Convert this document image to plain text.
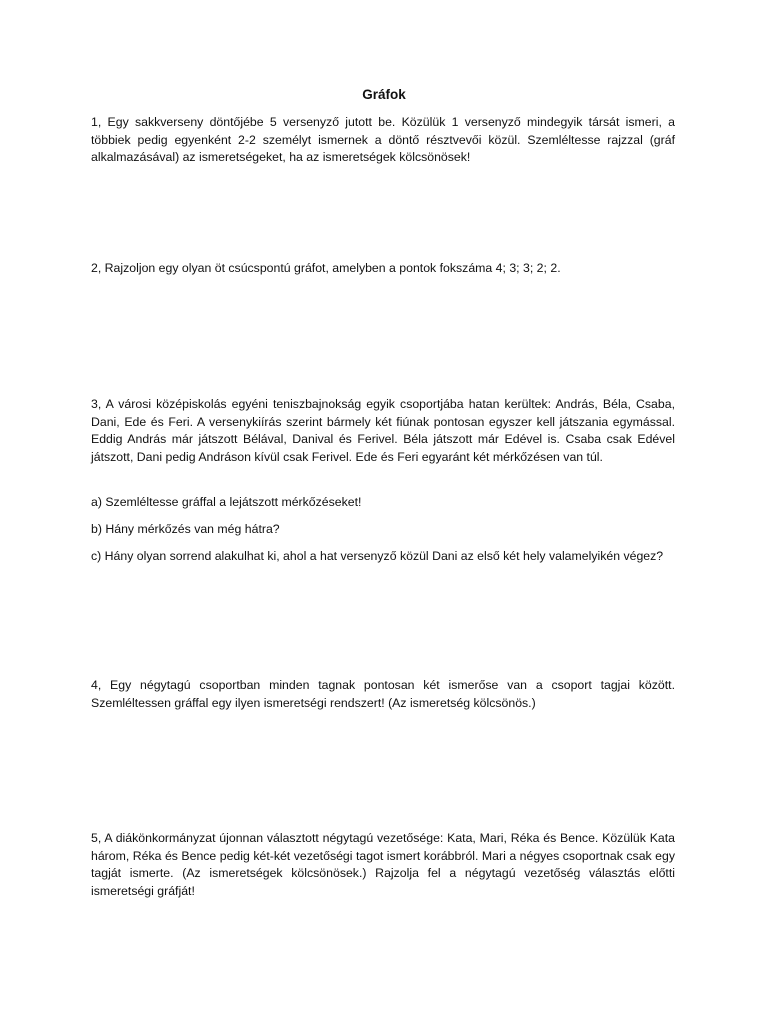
Gráfok

1, Egy sakkverseny döntőjébe 5 versenyző jutott be. Közülük 1 versenyző mindegyik társát ismeri, a többiek pedig egyenként 2-2 személyt ismernek a döntő résztvevői közül. Szemléltesse rajzzal (gráf alkalmazásával) az ismeretségeket, ha az ismeretségek kölcsönösek!

2, Rajzoljon egy olyan öt csúcspontú gráfot, amelyben a pontok fokszáma 4; 3; 3; 2; 2.

3, A városi középiskolás egyéni teniszbajnokság egyik csoportjába hatan kerültek: András, Béla, Csaba, Dani, Ede és Feri. A versenykiírás szerint bármely két fiúnak pontosan egyszer kell játszania egymással. Eddig András már játszott Bélával, Danival és Ferivel. Béla játszott már Edével is. Csaba csak Edével játszott, Dani pedig Andráson kívül csak Ferivel. Ede és Feri egyaránt két mérkőzésen van túl.

a) Szemléltesse gráffal a lejátszott mérkőzéseket!

b) Hány mérkőzés van még hátra?

c) Hány olyan sorrend alakulhat ki, ahol a hat versenyző közül Dani az első két hely valamelyikén végez?

4, Egy négytagú csoportban minden tagnak pontosan két ismerőse van a csoport tagjai között. Szemléltessen gráffal egy ilyen ismeretségi rendszert! (Az ismeretség kölcsönös.)

5, A diákönkormányzat újonnan választott négytagú vezetősége: Kata, Mari, Réka és Bence. Közülük Kata három, Réka és Bence pedig két-két vezetőségi tagot ismert korábbról. Mari a négyes csoportnak csak egy tagját ismerte. (Az ismeretségek kölcsönösek.) Rajzolja fel a négytagú vezetőség választás előtti ismeretségi gráfját!
